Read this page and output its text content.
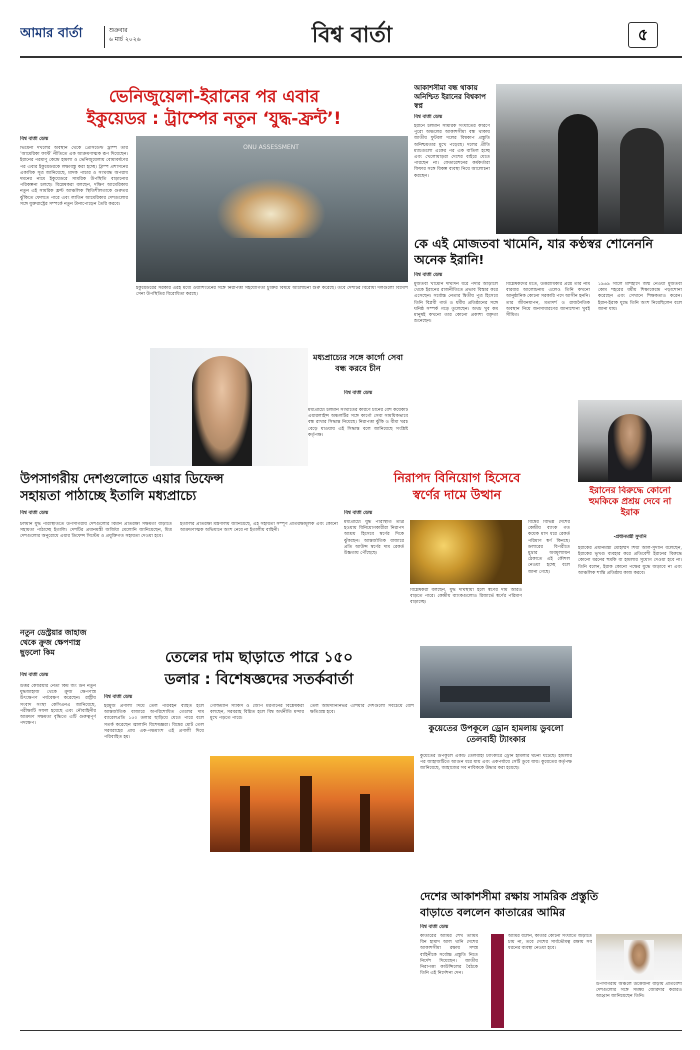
আমার বার্তা	শুক্রবার
৬ মার্চ ২০২৬	বিশ্ব বার্তা	৫
ভেনিজুয়েলা-ইরানের পর এবার
ইকুয়েডর : ট্রাম্পের নতুন ‘যুদ্ধ-ফ্রন্ট’!
বিশ্ব বার্তা ডেস্ক
ভিয়েনা দখলের অবস্থান থেকে প্রেসিডেন্ট ট্রাম্প তার ‘আমেরিকা ফার্স্ট’ নীতিতে এক আক্রমণাত্মক রূপ দিয়েছেন। ইরানের পরমাণু কেন্দ্রে হামলা ও ভেনিজুয়েলায় বোমাবর্ষণের পর এবার ইকুয়েডরকে লক্ষ্যবস্তু করা হচ্ছে। ট্রাম্প প্রশাসনের একাধিক সূত্র জানিয়েছে, মাদক পাচার ও সংঘবদ্ধ অপরাধ দমনের নামে ইকুয়েডরে সামরিক উপস্থিতি বাড়ানোর পরিকল্পনা চলছে। বিশ্লেষকরা বলছেন, দক্ষিণ আমেরিকায় নতুন এই সামরিক ফ্রন্ট আঞ্চলিক স্থিতিশীলতাকে গুরুতর ঝুঁকিতে ফেলতে পারে এবং লাতিন আমেরিকার দেশগুলোর সঙ্গে যুক্তরাষ্ট্রের সম্পর্কে নতুন টানাপোড়েন তৈরি করবে।
ONU ASSESSMENT
ইকুয়েডরের সরকার এরই মধ্যে ওয়াশিংটনের সঙ্গে নিরাপত্তা সহযোগিতা চুক্তির বিষয়ে আলোচনা শুরু করেছে। তবে দেশটির বিরোধী দলগুলো বিদেশি সেনা উপস্থিতির বিরোধিতা করছে।
আকাশসীমা বন্ধ থাকায় অনিশ্চিত ইরানের বিশ্বকাপ স্বপ্ন
বিশ্ব বার্তা ডেস্ক
ইরানে চলমান সামরিক সংঘাতের কারণে পুরো অঞ্চলের আকাশসীমা বন্ধ থাকায় জাতীয় ফুটবল দলের বিশ্বকাপ প্রস্তুতি অনিশ্চয়তার মুখে পড়েছে। দলের প্রীতি ম্যাচগুলো একের পর এক বাতিল হচ্ছে এবং খেলোয়াড়রা দেশের বাইরে যেতে পারছেন না। ফেডারেশনের কর্মকর্তারা ফিফার সঙ্গে বিকল্প ব্যবস্থা নিয়ে আলোচনা করছেন।
কে এই মোজতবা খামেনি, যার কণ্ঠস্বর শোনেননি অনেক ইরানি!
বিশ্ব বার্তা ডেস্ক
মুজতবা খামেনি দীর্ঘদিন ধরে পর্দার আড়ালে থেকে ইরানের রাজনীতিতে প্রভাব বিস্তার করে এসেছেন। সর্বোচ্চ নেতার দ্বিতীয় পুত্র হিসেবে তিনি বিপ্লবী গার্ড ও ধর্মীয় প্রতিষ্ঠানের সঙ্গে ঘনিষ্ঠ সম্পর্ক গড়ে তুলেছেন। অথচ খুব কম মানুষই কখনো তার কোনো প্রকাশ্য বক্তৃতা শুনেছেন।
বিশ্লেষকদের মতে, উত্তরাধিকার প্রশ্নে তার নাম বারবার আলোচনায় এলেও তিনি কখনো আনুষ্ঠানিক কোনো সরকারি পদে আসীন হননি। তার জীবনযাপন, মতাদর্শ ও রাজনৈতিক অবস্থান নিয়ে জনসাধারণের জানাশোনা খুবই সীমিত।
১৯৬৯ সালে মাশহাদে জন্ম নেওয়া মুজতবা কোম শহরের ধর্মীয় শিক্ষাকেন্দ্রে পড়াশোনা করেছেন এবং সেখানে শিক্ষকতাও করেন। ইরান-ইরাক যুদ্ধে তিনি অংশ নিয়েছিলেন বলে জানা যায়।
মধ্যপ্রাচ্যের সঙ্গে কার্গো সেবা বন্ধ করবে চীন
বিশ্ব বার্তা ডেস্ক
মধ্যপ্রাচ্যে চলমান সংঘাতের কারণে চীনের বেশ কয়েকটি এয়ারলাইন্স অঞ্চলটির সঙ্গে কার্গো সেবা সাময়িকভাবে বন্ধ রাখার সিদ্ধান্ত নিয়েছে। নিরাপত্তা ঝুঁকি ও বীমা খরচ বেড়ে যাওয়ায় এই সিদ্ধান্ত বলে জানিয়েছে সংশ্লিষ্ট কর্তৃপক্ষ।
উপসাগরীয় দেশগুলোতে এয়ার ডিফেন্স
সহায়তা পাঠাচ্ছে ইতালি মধ্যপ্রাচ্যে
বিশ্ব বার্তা ডেস্ক
চলমান যুদ্ধ পরিস্থিতিতে উপসাগরীয় দেশগুলোর বিমান প্রতিরক্ষা সক্ষমতা বাড়াতে সহায়তা পাঠাচ্ছে ইতালি। দেশটির প্রধানমন্ত্রী জর্জিয়া মেলোনি জানিয়েছেন, মিত্র দেশগুলোর অনুরোধে এয়ার ডিফেন্স সিস্টেম ও প্রযুক্তিগত সহায়তা দেওয়া হবে।
ইতালির প্রতিরক্ষা মন্ত্রণালয় জানিয়েছে, এই সহায়তা সম্পূর্ণ প্রতিরক্ষামূলক এবং কোনো আক্রমণাত্মক অভিযানে অংশ নেবে না ইতালীয় বাহিনী।
নিরাপদ বিনিয়োগ হিসেবে
স্বর্ণের দামে উত্থান
বিশ্ব বার্তা ডেস্ক
মধ্যপ্রাচ্যে যুদ্ধ পরিস্থিতি তীব্র হওয়ায় বিনিয়োগকারীরা নিরাপদ আশ্রয় হিসেবে স্বর্ণের দিকে ঝুঁকছেন। আন্তর্জাতিক বাজারে প্রতি আউন্স স্বর্ণের দাম রেকর্ড উচ্চতায় পৌঁছেছে।
বিশ্লেষকরা বলছেন, যুদ্ধ দীর্ঘস্থায়ী হলে স্বর্ণের দাম আরও বাড়তে পারে। কেন্দ্রীয় ব্যাংকগুলোও রিজার্ভে স্বর্ণের পরিমাণ বাড়াচ্ছে।
বিশ্বের বিভিন্ন দেশের কেন্দ্রীয় ব্যাংক গত কয়েক মাস ধরে রেকর্ড পরিমাণ স্বর্ণ কিনছে। ডলারের বিপরীতে মুদ্রার অবমূল্যায়ন ঠেকাতে এই কৌশল নেওয়া হচ্ছে বলে জানা গেছে।
ইরানের বিরুদ্ধে কোনো হুমকিকে প্রশ্রয় দেবে না ইরাক
-প্রধানমন্ত্রী সুদানি
ইরাকের প্রধানমন্ত্রী মোহাম্মদ শিয়া আল-সুদানি বলেছেন, ইরাকের ভূখণ্ড ব্যবহার করে প্রতিবেশী ইরানের বিরুদ্ধে কোনো ধরনের হুমকি বা হামলার সুযোগ দেওয়া হবে না। তিনি বলেন, ইরাক কোনো পক্ষের যুদ্ধে জড়াবে না এবং আঞ্চলিক শান্তি প্রতিষ্ঠায় কাজ করবে।
নতুন ডেস্ট্রয়ার জাহাজ থেকে ক্রুজ ক্ষেপণাস্ত্র ছুড়লো কিম
বিশ্ব বার্তা ডেস্ক
উত্তর কোরিয়ার নেতা কিম জং উন নতুন যুদ্ধজাহাজ থেকে ক্রুজ ক্ষেপণাস্ত্র উৎক্ষেপণ পর্যবেক্ষণ করেছেন। রাষ্ট্রীয় সংবাদ সংস্থা কেসিএনএ জানিয়েছে, পরীক্ষাটি সফল হয়েছে এবং নৌবাহিনীর আক্রমণ সক্ষমতা বৃদ্ধিতে এটি গুরুত্বপূর্ণ পদক্ষেপ।
তেলের দাম ছাড়াতে পারে ১৫০
ডলার : বিশেষজ্ঞদের সতর্কবার্তা
বিশ্ব বার্তা ডেস্ক
হরমুজ প্রণালী দিয়ে তেল পরিবহন ব্যাহত হলে আন্তর্জাতিক বাজারে অপরিশোধিত তেলের দাম ব্যারেলপ্রতি ১৫০ ডলার ছাড়িয়ে যেতে পারে বলে সতর্ক করেছেন জ্বালানি বিশেষজ্ঞরা। বিশ্বের মোট তেল সরবরাহের প্রায় এক-পঞ্চমাংশ এই প্রণালী দিয়ে পরিবাহিত হয়।
গোল্ডম্যান স্যাকস ও জেপি মরগানের বিশ্লেষকরা বলছেন, সরবরাহ বিঘ্নিত হলে বিশ্ব অর্থনীতি মন্দার মুখে পড়তে পারে।
তেল আমদানিনির্ভর এশিয়ার দেশগুলো সবচেয়ে বেশি ক্ষতিগ্রস্ত হবে।
কুয়েতের উপকূলে ড্রোন হামলায় ডুবলো তেলবাহী ট্যাংকার
কুয়েতের উপকূলে একটি তেলবাহী ট্যাংকারে ড্রোন হামলার ঘটনা ঘটেছে। হামলার পর জাহাজটিতে আগুন ধরে যায় এবং একপর্যায়ে সেটি ডুবে যায়। কুয়েতের কর্তৃপক্ষ জানিয়েছে, জাহাজের সব নাবিককে উদ্ধার করা হয়েছে।
দেশের আকাশসীমা রক্ষায় সামরিক প্রস্তুতি
বাড়াতে বললেন কাতারের আমির
বিশ্ব বার্তা ডেস্ক
কাতারের আমির শেখ তামিম বিন হামাদ আল থানি দেশের আকাশসীমা রক্ষায় সশস্ত্র বাহিনীকে সর্বোচ্চ প্রস্তুতি নিতে নির্দেশ দিয়েছেন। জাতীয় নিরাপত্তা কাউন্সিলের বৈঠকে তিনি এই নির্দেশনা দেন।
আমির বলেন, কাতার কোনো সংঘাতে জড়াতে চায় না, তবে দেশের সার্বভৌমত্ব রক্ষায় সব ধরনের ব্যবস্থা নেওয়া হবে।
উপসাগরীয় অঞ্চলে উত্তেজনা বাড়ায় প্রতিবেশী দেশগুলোর সঙ্গে সমন্বয় জোরদার করারও আহ্বান জানিয়েছেন তিনি।
